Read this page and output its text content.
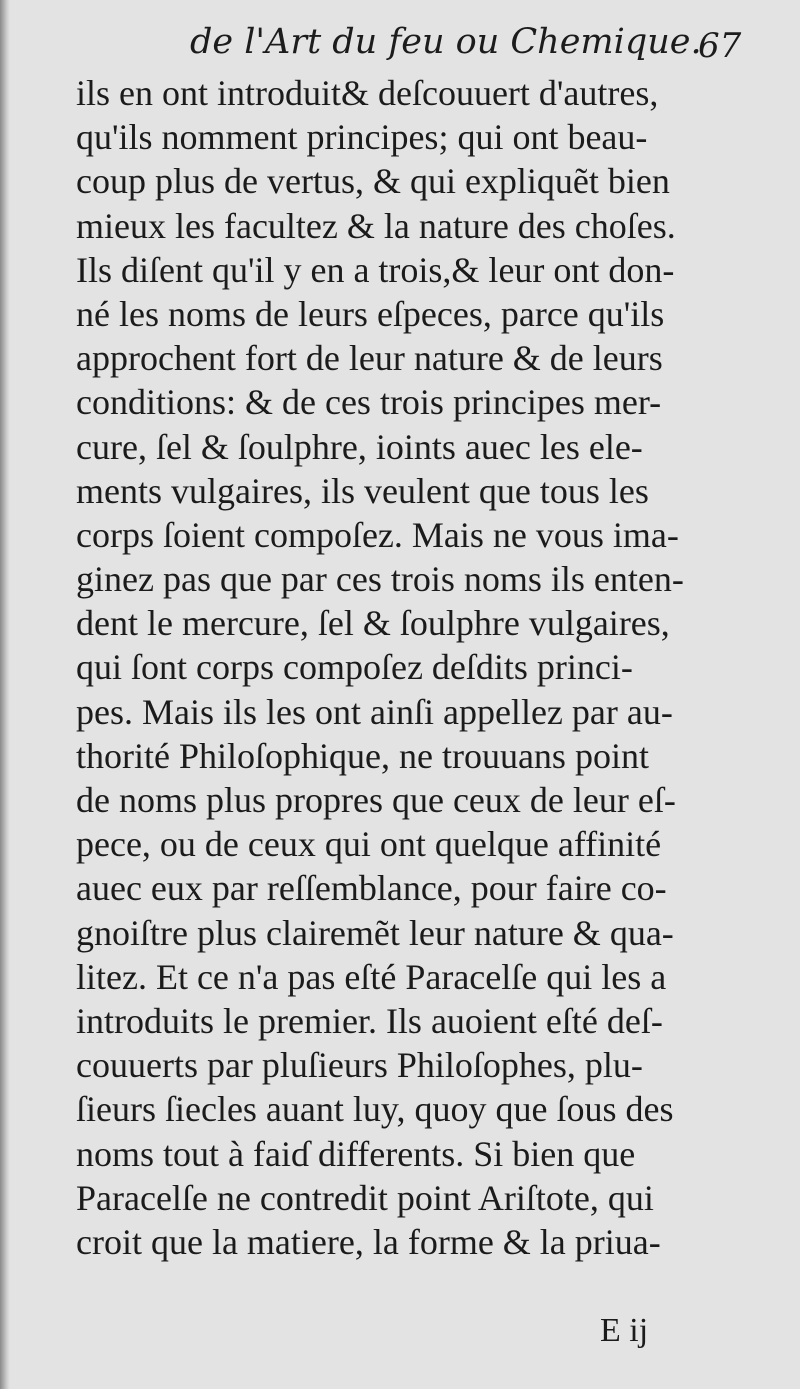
de l'Art du feu ou Chemique.
67
ils en ont introduit& deſcouuert d'autres,
qu'ils nomment principes; qui ont beau-
coup plus de vertus, & qui expliquẽt bien
mieux les facultez & la nature des choſes.
Ils diſent qu'il y en a trois,& leur ont don-
né les noms de leurs eſpeces, parce qu'ils
approchent fort de leur nature & de leurs
conditions: & de ces trois principes mer-
cure, ſel & ſoulphre, ioints auec les ele-
ments vulgaires, ils veulent que tous les
corps ſoient compoſez. Mais ne vous ima-
ginez pas que par ces trois noms ils enten-
dent le mercure, ſel & ſoulphre vulgaires,
qui ſont corps compoſez deſdits princi-
pes. Mais ils les ont ainſi appellez par au-
thorité Philoſophique, ne trouuans point
de noms plus propres que ceux de leur eſ-
pece, ou de ceux qui ont quelque affinité
auec eux par reſſemblance, pour faire co-
gnoiſtre plus clairemẽt leur nature & qua-
litez. Et ce n'a pas eſté Paracelſe qui les a
introduits le premier. Ils auoient eſté deſ-
couuerts par pluſieurs Philoſophes, plu-
ſieurs ſiecles auant luy, quoy que ſous des
noms tout à faiɗ differents. Si bien que
Paracelſe ne contredit point Ariſtote, qui
croit que la matiere, la forme & la priua-
E ij
